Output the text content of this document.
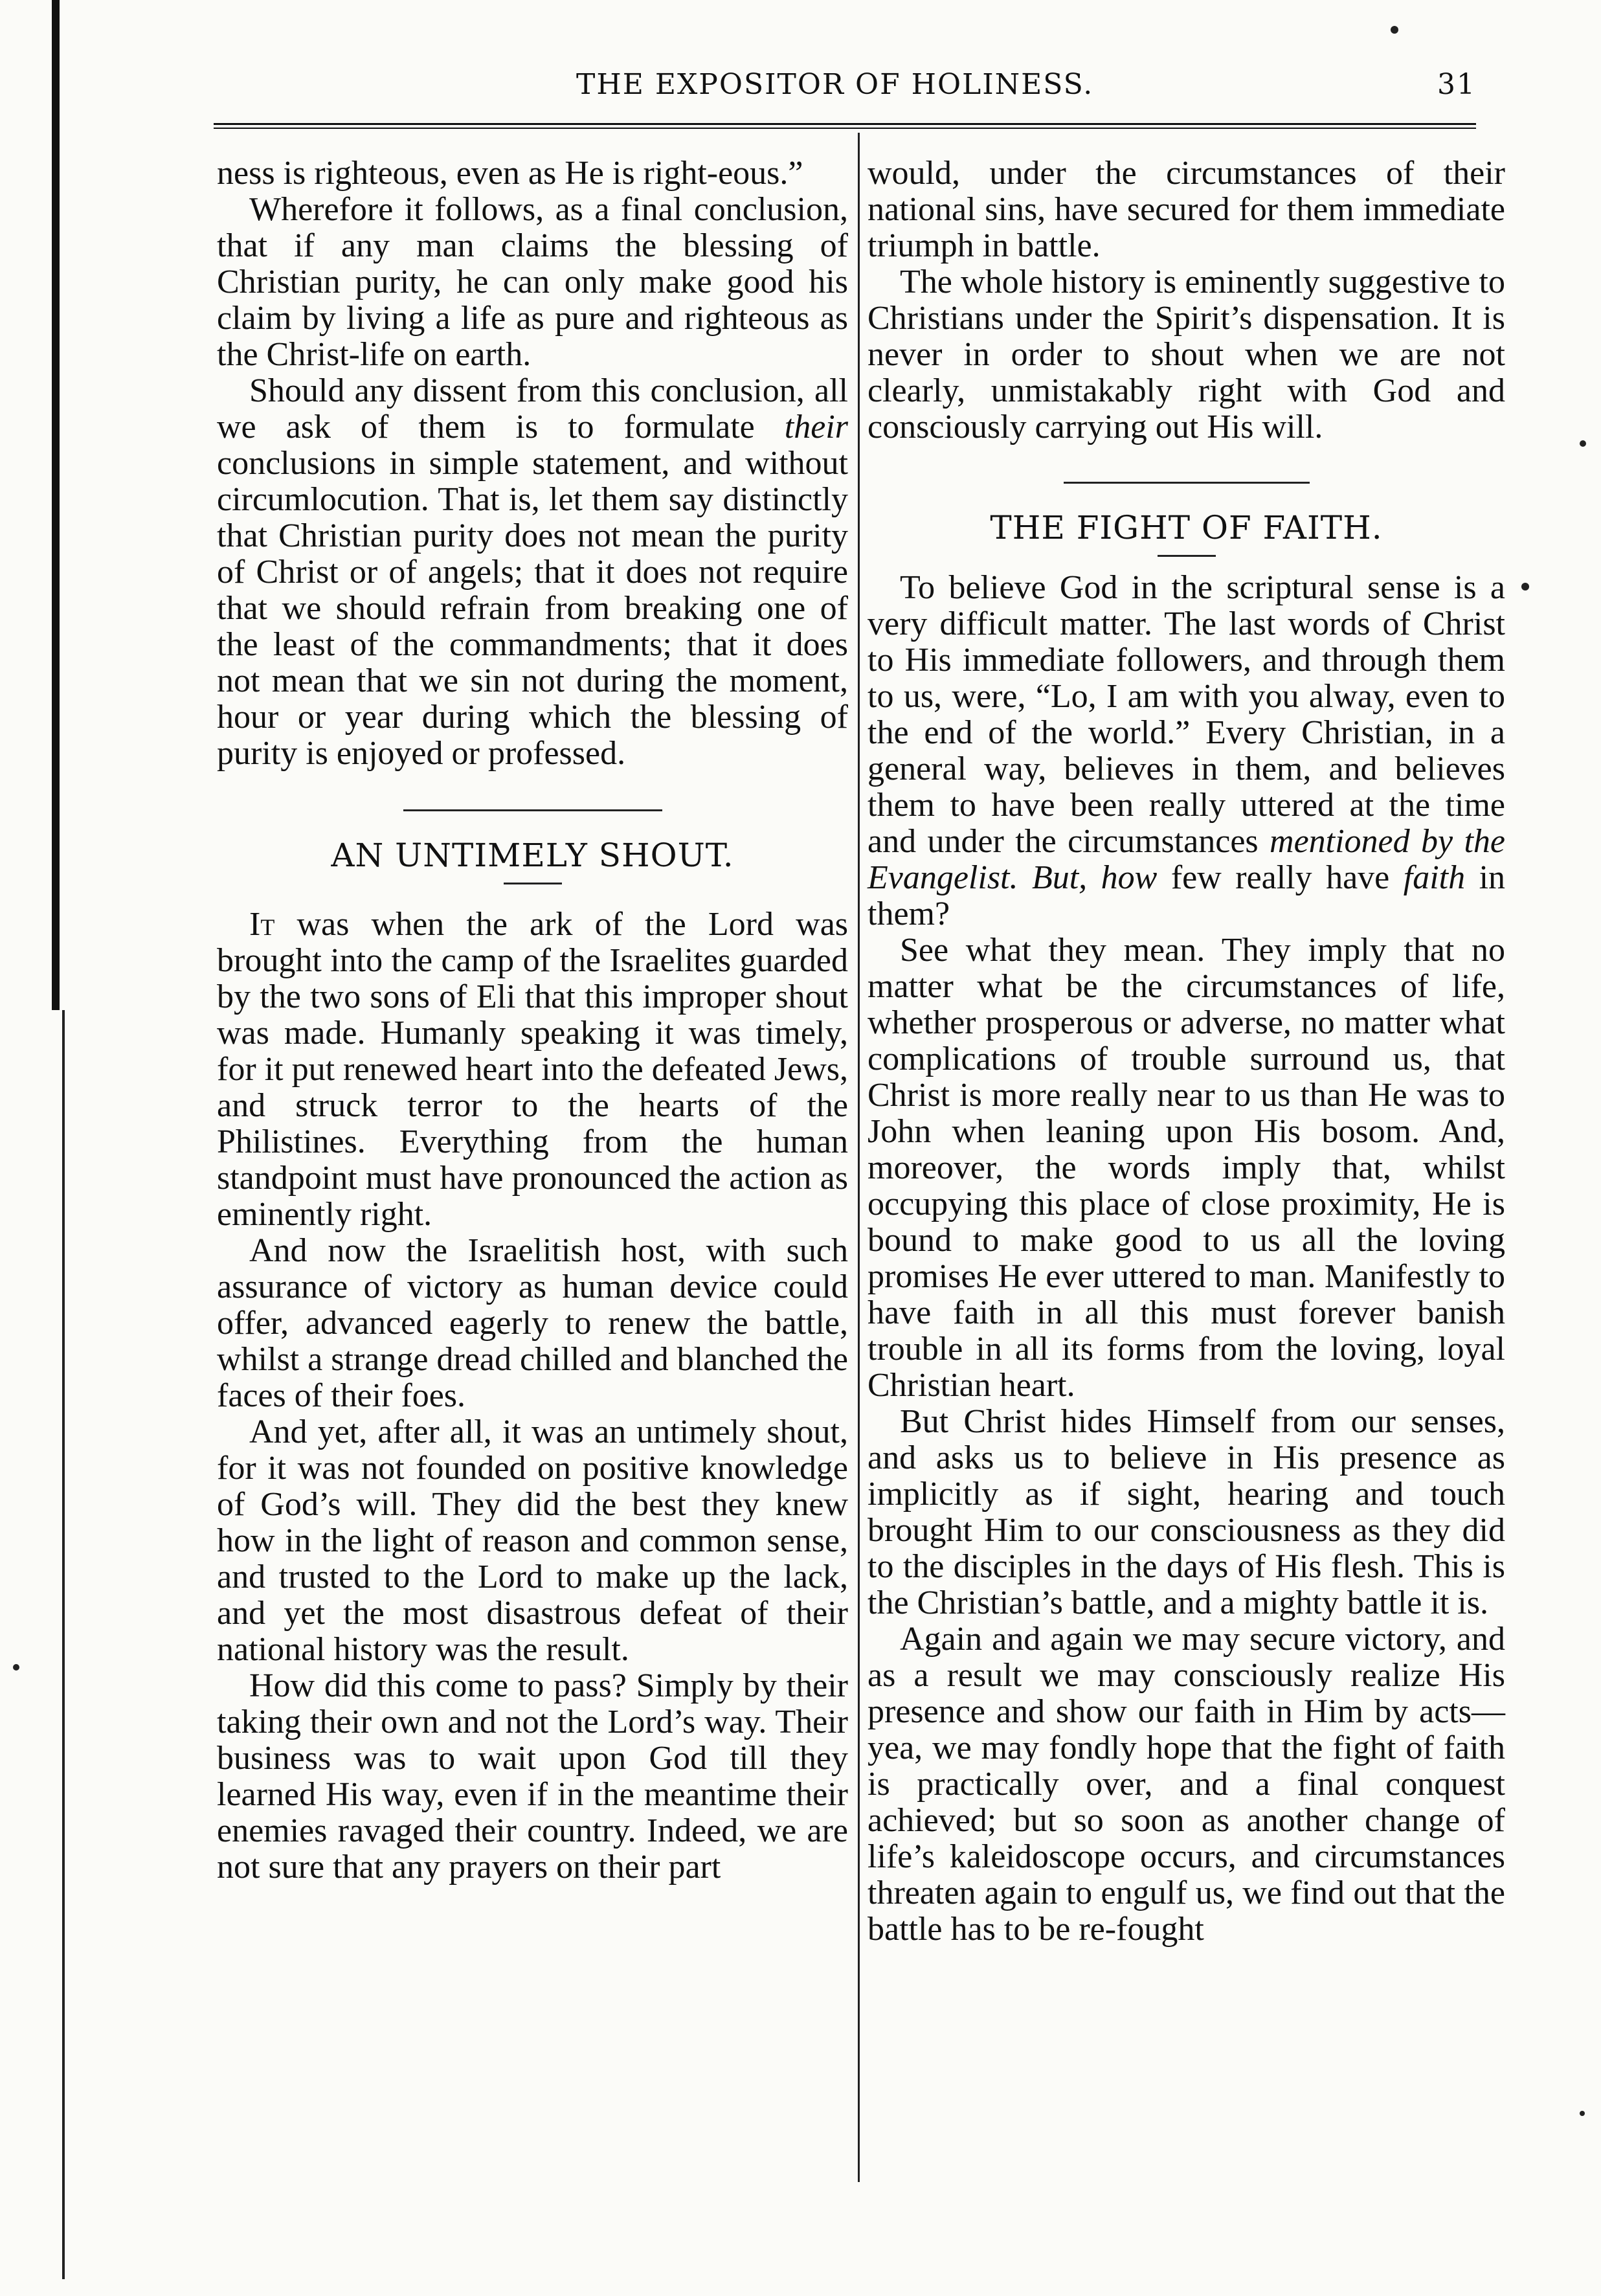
THE EXPOSITOR OF HOLINESS.	31

ness is righteous, even as He is right-eous.”

Wherefore it follows, as a final conclusion, that if any man claims the blessing of Christian purity, he can only make good his claim by living a life as pure and righteous as the Christ-life on earth.

Should any dissent from this conclusion, all we ask of them is to formulate their conclusions in simple statement, and without circumlocution. That is, let them say distinctly that Christian purity does not mean the purity of Christ or of angels; that it does not require that we should refrain from breaking one of the least of the commandments; that it does not mean that we sin not during the moment, hour or year during which the blessing of purity is enjoyed or professed.

AN UNTIMELY SHOUT.

It was when the ark of the Lord was brought into the camp of the Israelites guarded by the two sons of Eli that this improper shout was made. Humanly speaking it was timely, for it put renewed heart into the defeated Jews, and struck terror to the hearts of the Philistines. Everything from the human standpoint must have pronounced the action as eminently right.

And now the Israelitish host, with such assurance of victory as human device could offer, advanced eagerly to renew the battle, whilst a strange dread chilled and blanched the faces of their foes.

And yet, after all, it was an untimely shout, for it was not founded on positive knowledge of God’s will. They did the best they knew how in the light of reason and common sense, and trusted to the Lord to make up the lack, and yet the most disastrous defeat of their national history was the result.

How did this come to pass? Simply by their taking their own and not the Lord’s way. Their business was to wait upon God till they learned His way, even if in the meantime their enemies ravaged their country. Indeed, we are not sure that any prayers on their part

would, under the circumstances of their national sins, have secured for them immediate triumph in battle.

The whole history is eminently suggestive to Christians under the Spirit’s dispensation. It is never in order to shout when we are not clearly, unmistakably right with God and consciously carrying out His will.

THE FIGHT OF FAITH.

To believe God in the scriptural sense is a very difficult matter. The last words of Christ to His immediate followers, and through them to us, were, “Lo, I am with you alway, even to the end of the world.” Every Christian, in a general way, believes in them, and believes them to have been really uttered at the time and under the circumstances mentioned by the Evangelist. But, how few really have faith in them?

See what they mean. They imply that no matter what be the circumstances of life, whether prosperous or adverse, no matter what complications of trouble surround us, that Christ is more really near to us than He was to John when leaning upon His bosom. And, moreover, the words imply that, whilst occupying this place of close proximity, He is bound to make good to us all the loving promises He ever uttered to man. Manifestly to have faith in all this must forever banish trouble in all its forms from the loving, loyal Christian heart.

But Christ hides Himself from our senses, and asks us to believe in His presence as implicitly as if sight, hearing and touch brought Him to our consciousness as they did to the disciples in the days of His flesh. This is the Christian’s battle, and a mighty battle it is.

Again and again we may secure victory, and as a result we may consciously realize His presence and show our faith in Him by acts—yea, we may fondly hope that the fight of faith is practically over, and a final conquest achieved; but so soon as another change of life’s kaleidoscope occurs, and circumstances threaten again to engulf us, we find out that the battle has to be re-fought
